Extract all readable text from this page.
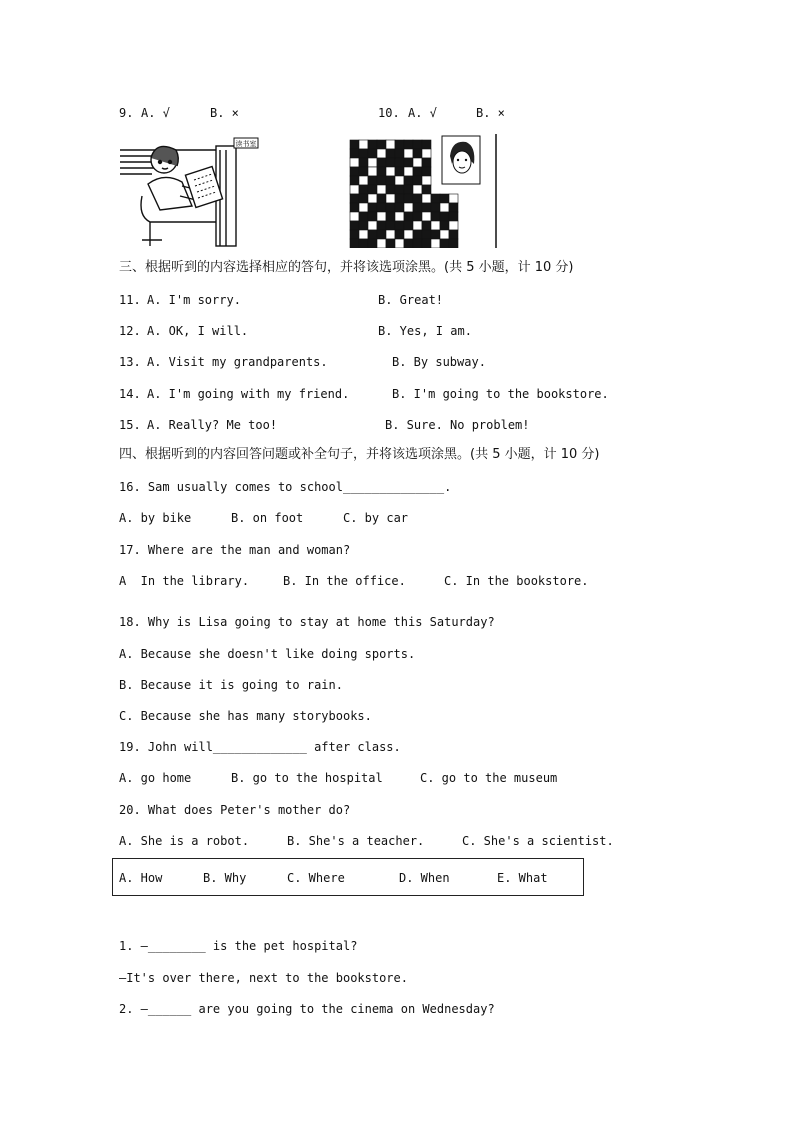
9. A. √	B. ×	10. A. √	B. ×
读书室
三、根据听到的内容选择相应的答句，并将该选项涂黑。(共 5 小题，计 10 分)
11. A. I'm sorry.	B. Great!
12. A. OK, I will.	B. Yes, I am.
13. A. Visit my grandparents.	B. By subway.
14. A. I'm going with my friend.	B. I'm going to the bookstore.
15. A. Really? Me too!	B. Sure. No problem!
四、根据听到的内容回答问题或补全句子，并将该选项涂黑。(共 5 小题，计 10 分)
16. Sam usually comes to school______________.
A. by bike	B. on foot	C. by car
17. Where are the man and woman?
A  In the library.	B. In the office.	C. In the bookstore.
18. Why is Lisa going to stay at home this Saturday?
A. Because she doesn't like doing sports.
B. Because it is going to rain.
C. Because she has many storybooks.
19. John will_____________ after class.
A. go home	B. go to the hospital	C. go to the museum
20. What does Peter's mother do?
A. She is a robot.	B. She's a teacher.	C. She's a scientist.
A. How	B. Why	C. Where	D. When	E. What
1. —________ is the pet hospital?
—It's over there, next to the bookstore.
2. —______ are you going to the cinema on Wednesday?
